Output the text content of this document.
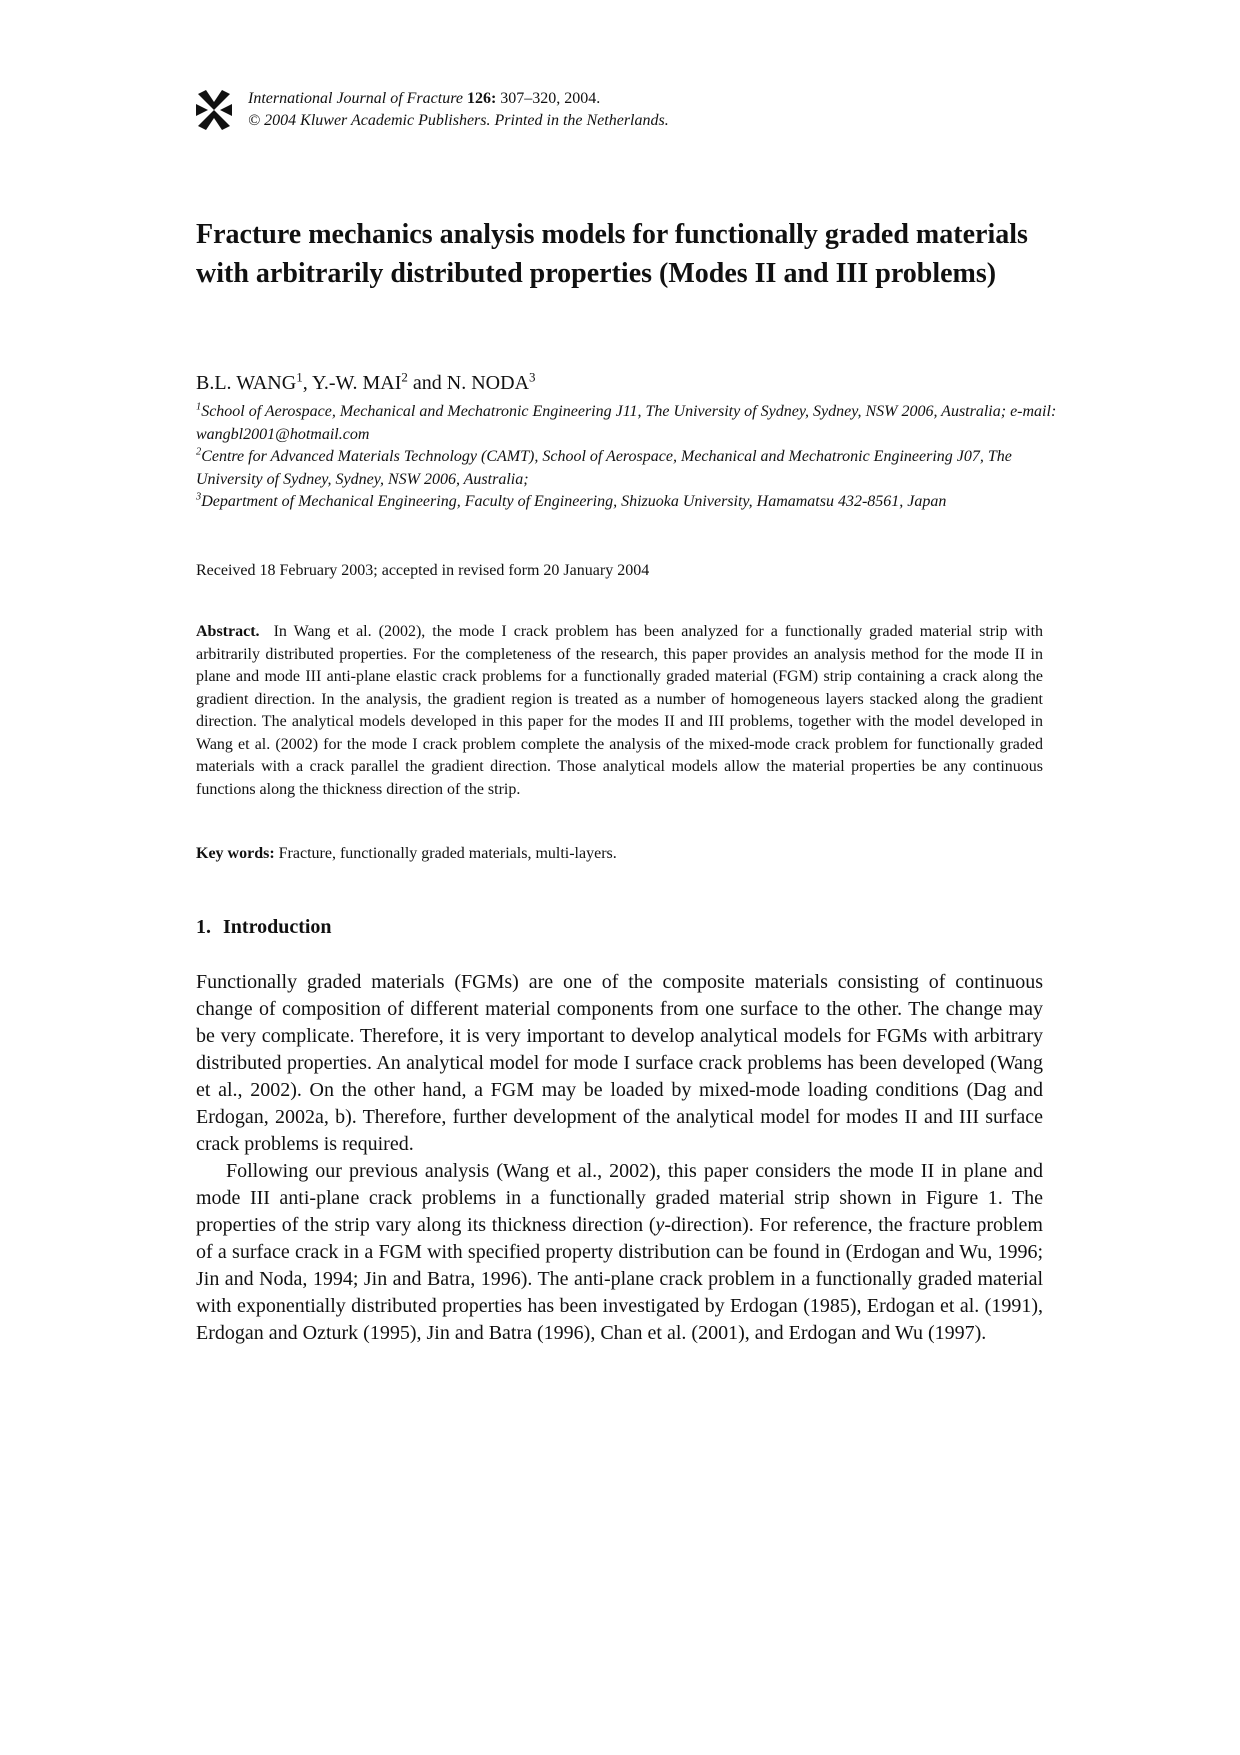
International Journal of Fracture 126: 307–320, 2004.
© 2004 Kluwer Academic Publishers. Printed in the Netherlands.
Fracture mechanics analysis models for functionally graded materials with arbitrarily distributed properties (Modes II and III problems)
B.L. WANG$^1$, Y.-W. MAI$^2$ and N. NODA$^3$
$^1$School of Aerospace, Mechanical and Mechatronic Engineering J11, The University of Sydney, Sydney, NSW 2006, Australia; e-mail: wangbl2001@hotmail.com
$^2$Centre for Advanced Materials Technology (CAMT), School of Aerospace, Mechanical and Mechatronic Engineering J07, The University of Sydney, Sydney, NSW 2006, Australia;
$^3$Department of Mechanical Engineering, Faculty of Engineering, Shizuoka University, Hamamatsu 432-8561, Japan
Received 18 February 2003; accepted in revised form 20 January 2004
Abstract. In Wang et al. (2002), the mode I crack problem has been analyzed for a functionally graded material strip with arbitrarily distributed properties. For the completeness of the research, this paper provides an analysis method for the mode II in plane and mode III anti-plane elastic crack problems for a functionally graded material (FGM) strip containing a crack along the gradient direction. In the analysis, the gradient region is treated as a number of homogeneous layers stacked along the gradient direction. The analytical models developed in this paper for the modes II and III problems, together with the model developed in Wang et al. (2002) for the mode I crack problem complete the analysis of the mixed-mode crack problem for functionally graded materials with a crack parallel the gradient direction. Those analytical models allow the material properties be any continuous functions along the thickness direction of the strip.
Key words: Fracture, functionally graded materials, multi-layers.
1. Introduction

Functionally graded materials (FGMs) are one of the composite materials consisting of continuous change of composition of different material components from one surface to the other. The change may be very complicate. Therefore, it is very important to develop analytical models for FGMs with arbitrary distributed properties. An analytical model for mode I surface crack problems has been developed (Wang et al., 2002). On the other hand, a FGM may be loaded by mixed-mode loading conditions (Dag and Erdogan, 2002a, b). Therefore, further development of the analytical model for modes II and III surface crack problems is required.

Following our previous analysis (Wang et al., 2002), this paper considers the mode II in plane and mode III anti-plane crack problems in a functionally graded material strip shown in Figure 1. The properties of the strip vary along its thickness direction (y-direction). For reference, the fracture problem of a surface crack in a FGM with specified property distribution can be found in (Erdogan and Wu, 1996; Jin and Noda, 1994; Jin and Batra, 1996). The anti-plane crack problem in a functionally graded material with exponentially distributed properties has been investigated by Erdogan (1985), Erdogan et al. (1991), Erdogan and Ozturk (1995), Jin and Batra (1996), Chan et al. (2001), and Erdogan and Wu (1997).
